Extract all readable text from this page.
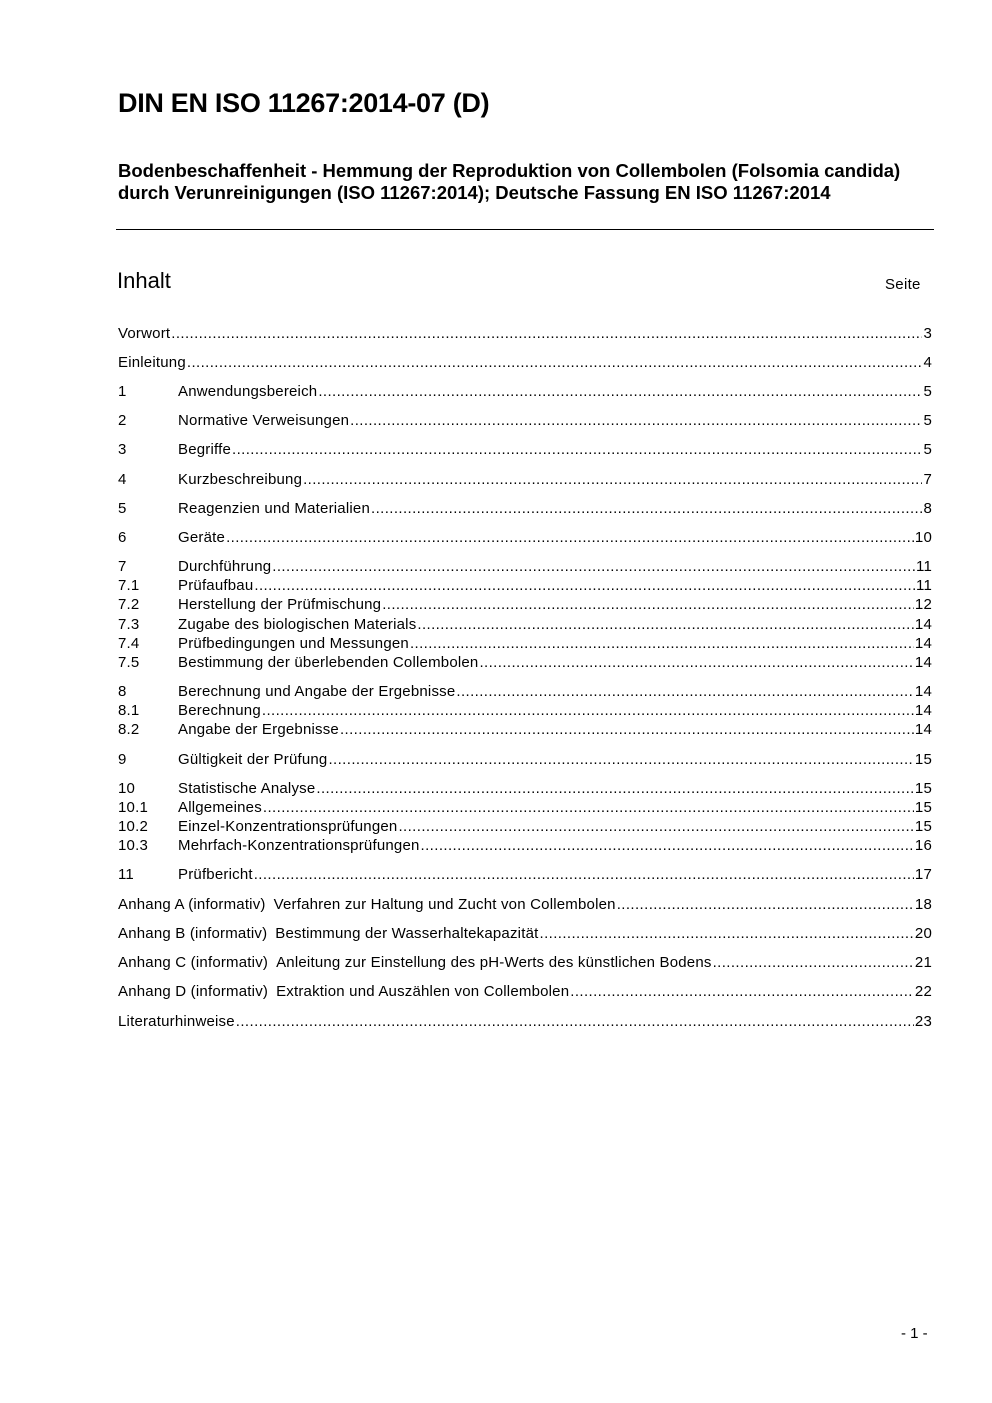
DIN EN ISO 11267:2014-07 (D)
Bodenbeschaffenheit - Hemmung der Reproduktion von Collembolen (Folsomia candida) durch Verunreinigungen (ISO 11267:2014); Deutsche Fassung EN ISO 11267:2014
Inhalt	Seite
Vorwort .....	3
Einleitung .....	4
1	Anwendungsbereich .....	5
2	Normative Verweisungen .....	5
3	Begriffe .....	5
4	Kurzbeschreibung .....	7
5	Reagenzien und Materialien .....	8
6	Geräte .....	10
7	Durchführung .....	11
7.1	Prüfaufbau .....	11
7.2	Herstellung der Prüfmischung .....	12
7.3	Zugabe des biologischen Materials .....	14
7.4	Prüfbedingungen und Messungen .....	14
7.5	Bestimmung der überlebenden Collembolen .....	14
8	Berechnung und Angabe der Ergebnisse .....	14
8.1	Berechnung .....	14
8.2	Angabe der Ergebnisse .....	14
9	Gültigkeit der Prüfung .....	15
10	Statistische Analyse .....	15
10.1	Allgemeines .....	15
10.2	Einzel-Konzentrationsprüfungen .....	15
10.3	Mehrfach-Konzentrationsprüfungen .....	16
11	Prüfbericht .....	17
Anhang A (informativ) Verfahren zur Haltung und Zucht von Collembolen .....	18
Anhang B (informativ) Bestimmung der Wasserhaltekapazität .....	20
Anhang C (informativ) Anleitung zur Einstellung des pH-Werts des künstlichen Bodens .....	21
Anhang D (informativ) Extraktion und Auszählen von Collembolen .....	22
Literaturhinweise .....	23
- 1 -
